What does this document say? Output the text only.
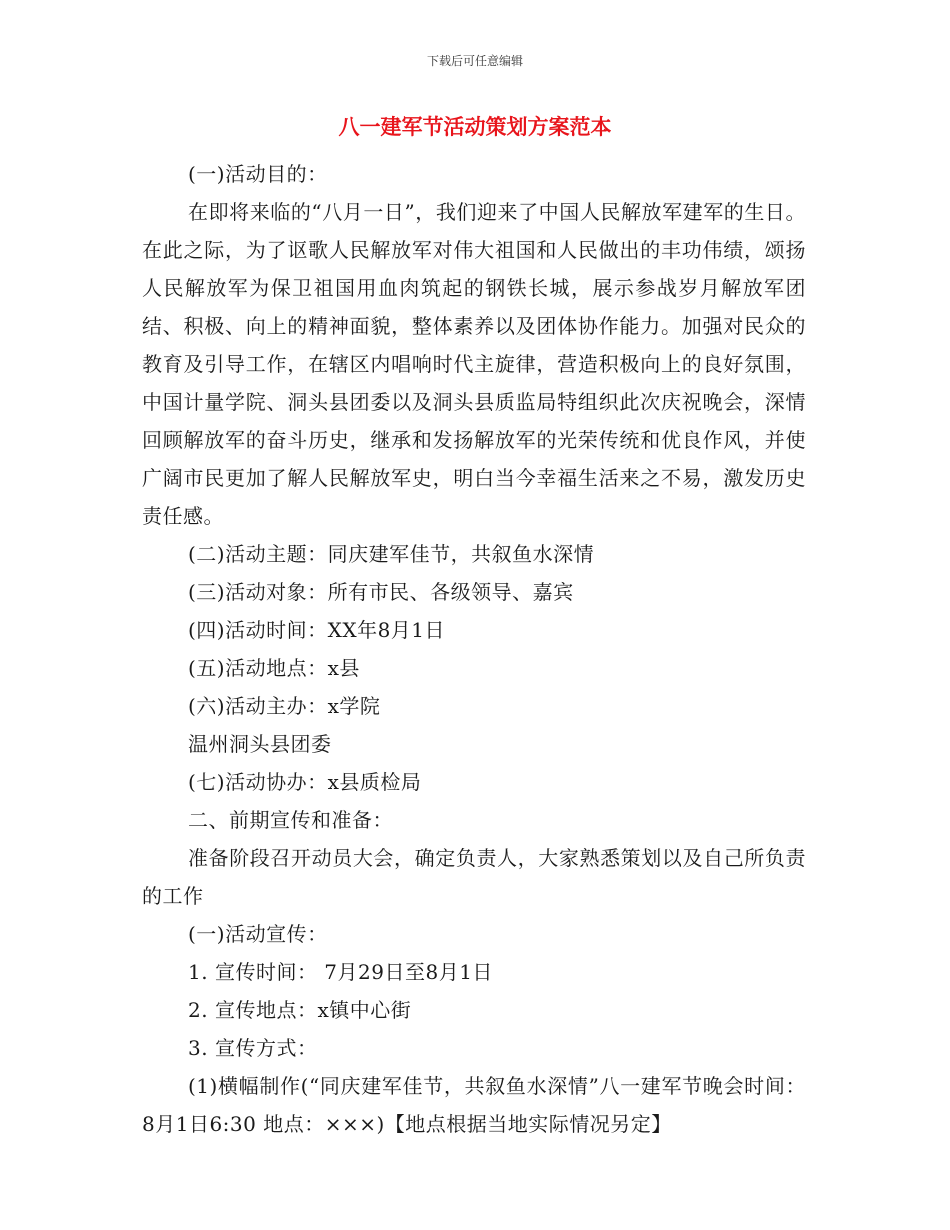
下载后可任意编辑
八一建军节活动策划方案范本

(一)活动目的：

在即将来临的“八月一日”，我们迎来了中国人民解放军建军的生日。在此之际，为了讴歌人民解放军对伟大祖国和人民做出的丰功伟绩，颂扬人民解放军为保卫祖国用血肉筑起的钢铁长城，展示参战岁月解放军团结、积极、向上的精神面貌，整体素养以及团体协作能力。加强对民众的教育及引导工作，在辖区内唱响时代主旋律，营造积极向上的良好氛围，中国计量学院、洞头县团委以及洞头县质监局特组织此次庆祝晚会，深情回顾解放军的奋斗历史，继承和发扬解放军的光荣传统和优良作风，并使广阔市民更加了解人民解放军史，明白当今幸福生活来之不易，激发历史责任感。

(二)活动主题：同庆建军佳节，共叙鱼水深情

(三)活动对象：所有市民、各级领导、嘉宾

(四)活动时间：XX年8月1日

(五)活动地点：x县

(六)活动主办：x学院

温州洞头县团委

(七)活动协办：x县质检局

二、前期宣传和准备：

准备阶段召开动员大会，确定负责人，大家熟悉策划以及自己所负责的工作

(一)活动宣传：

1. 宣传时间： 7月29日至8月1日

2. 宣传地点：x镇中心街

3. 宣传方式：

(1)横幅制作(“同庆建军佳节，共叙鱼水深情”八一建军节晚会时间：8月1日6:30 地点：×××)【地点根据当地实际情况另定】
